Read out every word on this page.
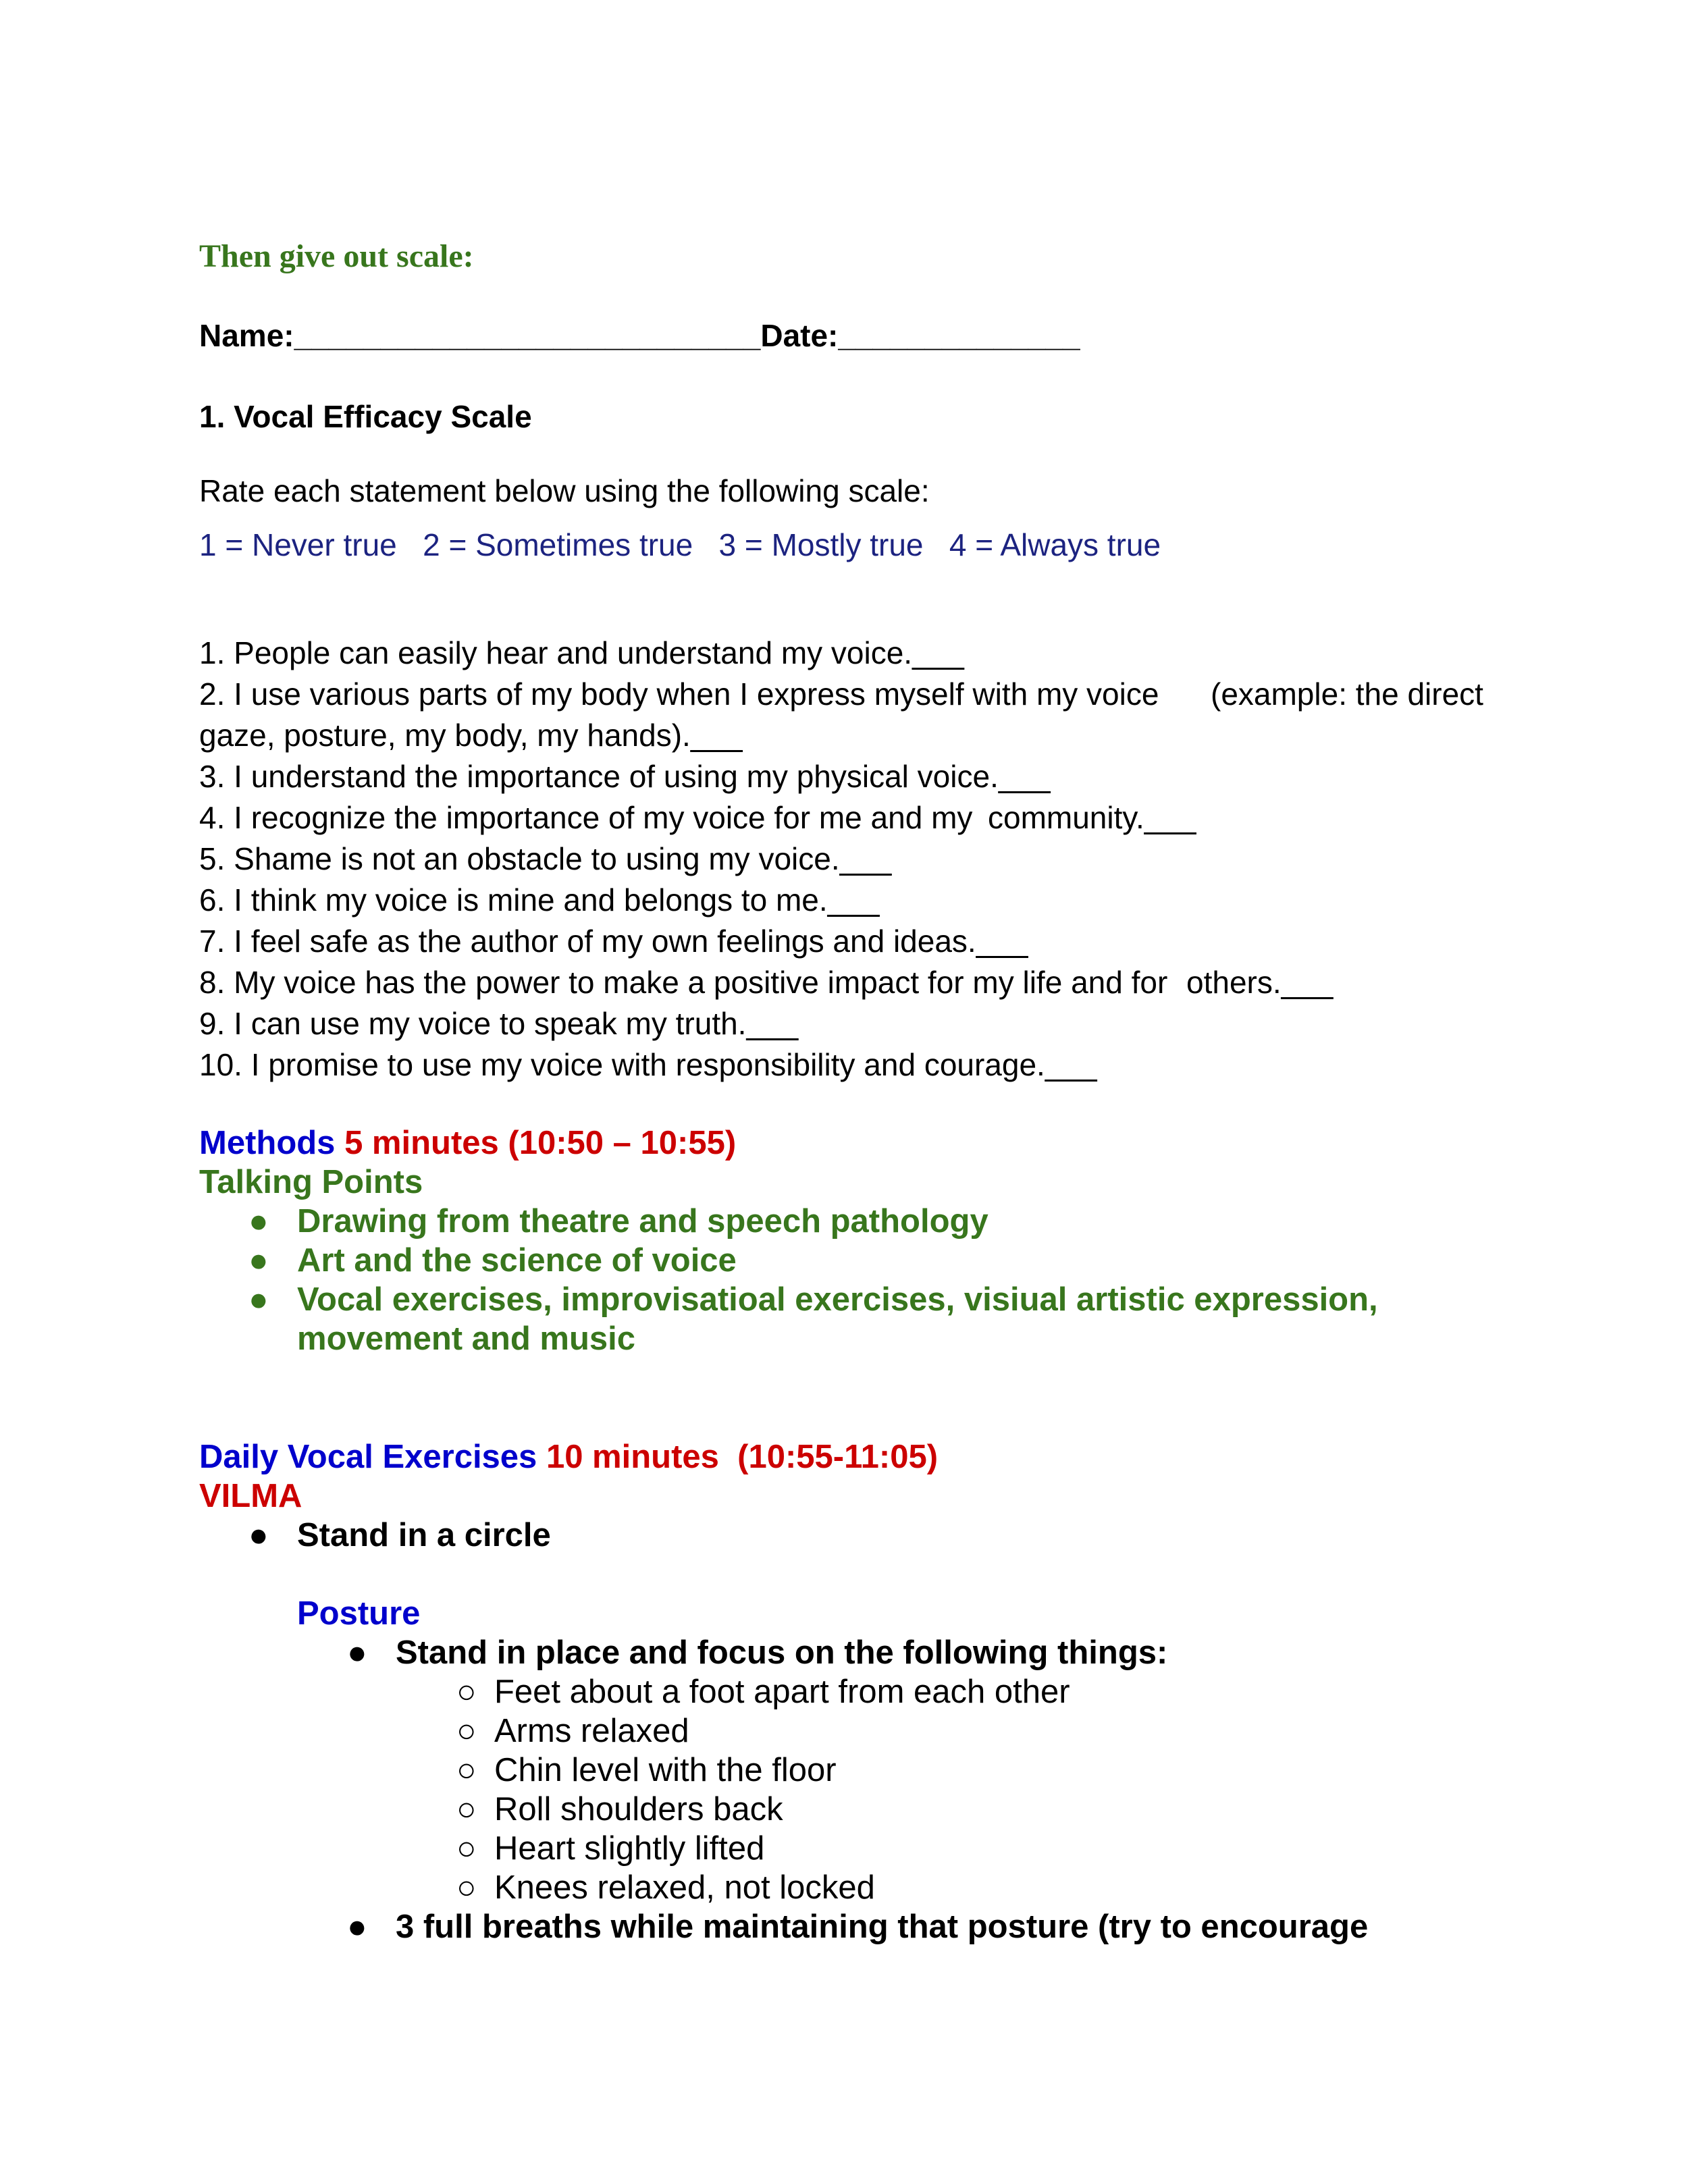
Then give out scale:
Name:___________________________Date:______________
1. Vocal Efficacy Scale
Rate each statement below using the following scale:
1 = Never true   2 = Sometimes true   3 = Mostly true   4 = Always true
1. People can easily hear and understand my voice.___
2. I use various parts of my body when I express myself with my voice (example: the direct
gaze, posture, my body, my hands).___
3. I understand the importance of using my physical voice.___
4. I recognize the importance of my voice for me and my community.___
5. Shame is not an obstacle to using my voice.___
6. I think my voice is mine and belongs to me.___
7. I feel safe as the author of my own feelings and ideas.___
8. My voice has the power to make a positive impact for my life and for others.___
9. I can use my voice to speak my truth.___
10. I promise to use my voice with responsibility and courage.___
Methods 5 minutes (10:50 – 10:55)
Talking Points
● Drawing from theatre and speech pathology
● Art and the science of voice
● Vocal exercises, improvisatioal exercises, visiual artistic expression,
movement and music
Daily Vocal Exercises 10 minutes  (10:55-11:05)
VILMA
● Stand in a circle
Posture
● Stand in place and focus on the following things:
○ Feet about a foot apart from each other
○ Arms relaxed
○ Chin level with the floor
○ Roll shoulders back
○ Heart slightly lifted
○ Knees relaxed, not locked
● 3 full breaths while maintaining that posture (try to encourage
